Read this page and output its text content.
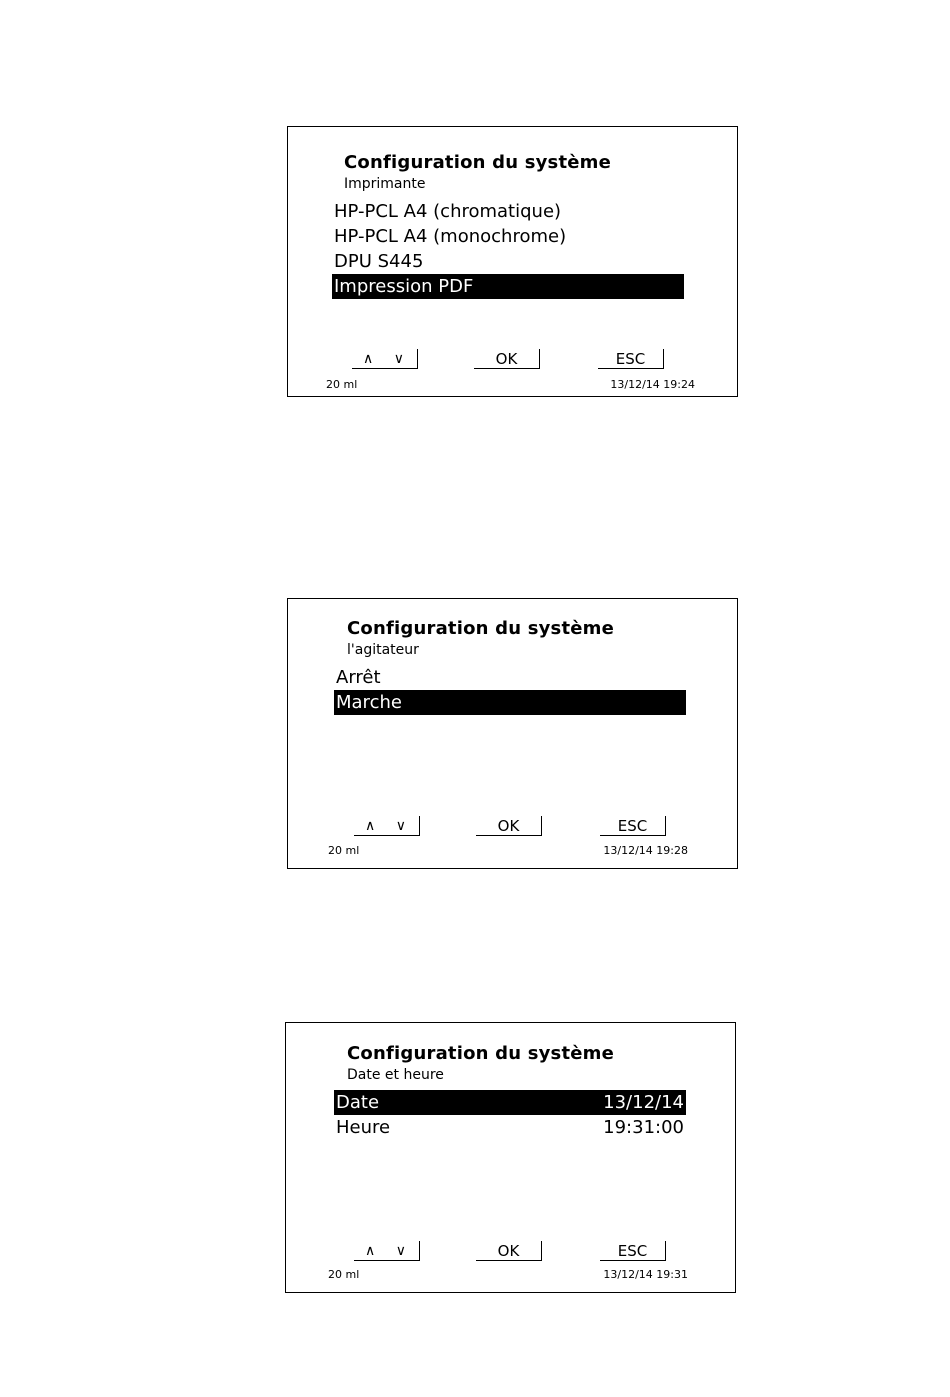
Configuration du système
Imprimante
HP-PCL A4 (chromatique)
HP-PCL A4 (monochrome)
DPU S445
Impression PDF
∧ ∨	OK	ESC
20 ml	13/12/14 19:24
Configuration du système
l'agitateur
Arrêt
Marche
∧ ∨	OK	ESC
20 ml	13/12/14 19:28
Configuration du système
Date et heure
Date	13/12/14
Heure	19:31:00
∧ ∨	OK	ESC
20 ml	13/12/14 19:31
